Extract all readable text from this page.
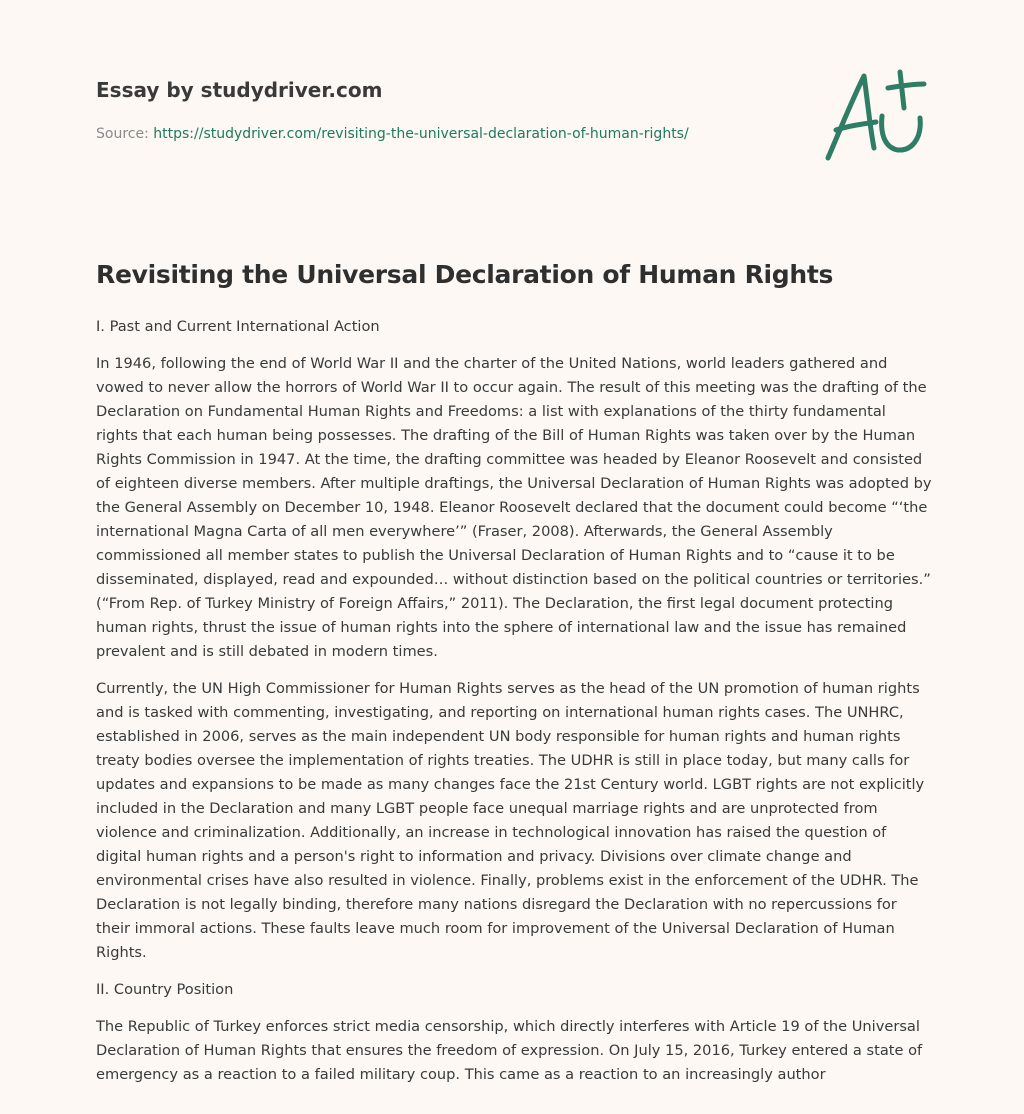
Essay by studydriver.com
Source: https://studydriver.com/revisiting-the-universal-declaration-of-human-rights/
Revisiting the Universal Declaration of Human Rights

I. Past and Current International Action

In 1946, following the end of World War II and the charter of the United Nations, world leaders gathered and vowed to never allow the horrors of World War II to occur again. The result of this meeting was the drafting of the Declaration on Fundamental Human Rights and Freedoms: a list with explanations of the thirty fundamental rights that each human being possesses. The drafting of the Bill of Human Rights was taken over by the Human Rights Commission in 1947. At the time, the drafting committee was headed by Eleanor Roosevelt and consisted of eighteen diverse members. After multiple draftings, the Universal Declaration of Human Rights was adopted by the General Assembly on December 10, 1948. Eleanor Roosevelt declared that the document could become “‘the international Magna Carta of all men everywhere’” (Fraser, 2008). Afterwards, the General Assembly commissioned all member states to publish the Universal Declaration of Human Rights and to “cause it to be disseminated, displayed, read and expounded… without distinction based on the political countries or territories.” (“From Rep. of Turkey Ministry of Foreign Affairs,” 2011). The Declaration, the first legal document protecting human rights, thrust the issue of human rights into the sphere of international law and the issue has remained prevalent and is still debated in modern times.

Currently, the UN High Commissioner for Human Rights serves as the head of the UN promotion of human rights and is tasked with commenting, investigating, and reporting on international human rights cases. The UNHRC, established in 2006, serves as the main independent UN body responsible for human rights and human rights treaty bodies oversee the implementation of rights treaties. The UDHR is still in place today, but many calls for updates and expansions to be made as many changes face the 21st Century world. LGBT rights are not explicitly included in the Declaration and many LGBT people face unequal marriage rights and are unprotected from violence and criminalization. Additionally, an increase in technological innovation has raised the question of digital human rights and a person's right to information and privacy. Divisions over climate change and environmental crises have also resulted in violence. Finally, problems exist in the enforcement of the UDHR. The Declaration is not legally binding, therefore many nations disregard the Declaration with no repercussions for their immoral actions. These faults leave much room for improvement of the Universal Declaration of Human Rights.

II. Country Position

The Republic of Turkey enforces strict media censorship, which directly interferes with Article 19 of the Universal Declaration of Human Rights that ensures the freedom of expression. On July 15, 2016, Turkey entered a state of emergency as a reaction to a failed military coup. This came as a reaction to an increasingly author
